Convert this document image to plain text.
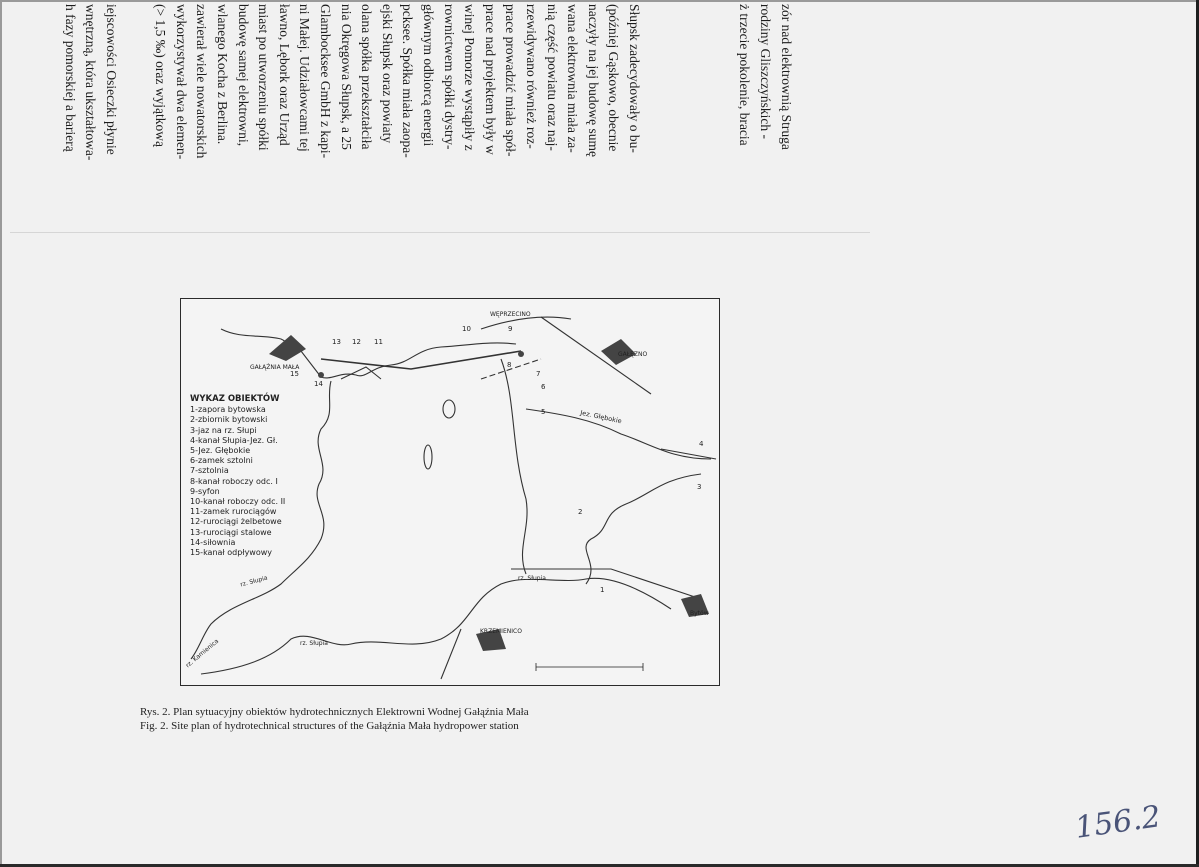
zór nad elektrownią Struga
rodziny Gliszczyńskich -
ż trzecie pokolenie, bracia
Słupsk zadecydowały o bu-
(później Gąskowo, obecnie
naczyły na jej budowę sumę
wana elektrownia miała za-
nią część powiatu oraz naj-
rzewidywano również roz-
prace prowadzić miała spół-
prace nad projektem były w
winej Pomorze wystąpiły z
rownictwem spółki dystry-
głównym odbiorcą energii
pcksee. Spółka miała zaopa-
ejski Słupsk oraz powiaty
olana spółka przekształciła
nia Okręgowa Słupsk, a 25
Glambocksee GmbH z kapi-
ni Małej. Udziałowcami tej
ławno, Lębork oraz Urząd
miast po utworzeniu spółki
budowę samej elektrowni,
wlanego Kocha z Berlina.
zawierał wiele nowatorskich
wykorzystywał dwa elemen-
(> 1,5 ‰) oraz wyjątkową
iejscowości Osieczki płynie
wnętrzną, która ukształtowa-
h fazy pomorskiej a barierą
13 12 11
10	9
8
7
6
5
4
3
2
1
14
15
GAŁĄŹNIA MAŁA
WĘPRZECINO
GAŁĘZNO
KRZEMIENICO
Jez. Głębokie
rz. Słupia
rz. Słupia
rz. Słupia
rz. Kamienica
Bytów
WYKAZ OBIEKTÓW
1-zapora bytowska
2-zbiornik bytowski
3-jaz na rz. Słupi
4-kanał Słupia-Jez. Gł.
5-Jez. Głębokie
6-zamek sztolni
7-sztolnia
8-kanał roboczy odc. I
9-syfon
10-kanał roboczy odc. II
11-zamek rurociągów
12-rurociągi żelbetowe
13-rurociągi stalowe
14-siłownia
15-kanał odpływowy
Rys. 2. Plan sytuacyjny obiektów hydrotechnicznych Elektrowni Wodnej Gałąźnia Mała
Fig. 2. Site plan of hydrotechnical structures of the Gałąźnia Mała hydropower station
156.2
